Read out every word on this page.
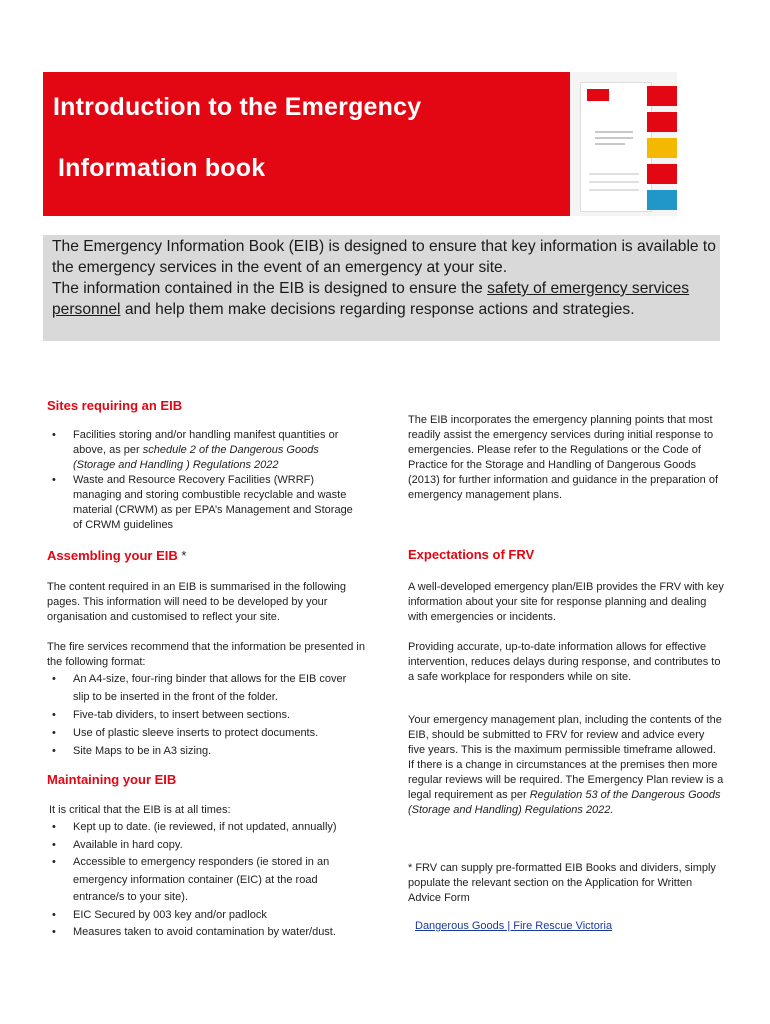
Introduction to the Emergency
Information book

The Emergency Information Book (EIB) is designed to ensure that key information is available to the emergency services in the event of an emergency at your site.
The information contained in the EIB is designed to ensure the safety of emergency services personnel and help them make decisions regarding response actions and strategies.

Sites requiring an EIB
• Facilities storing and/or handling manifest quantities or above, as per schedule 2 of the Dangerous Goods (Storage and Handling ) Regulations 2022
• Waste and Resource Recovery Facilities (WRRF) managing and storing combustible recyclable and waste material (CRWM) as per EPA’s Management and Storage of CRWM guidelines
Assembling your EIB *

The content required in an EIB is summarised in the following pages. This information will need to be developed by your organisation and customised to reflect your site.

The fire services recommend that the information be presented in the following format:

• An A4-size, four-ring binder that allows for the EIB cover slip to be inserted in the front of the folder.
• Five-tab dividers, to insert between sections.
• Use of plastic sleeve inserts to protect documents.
• Site Maps to be in A3 sizing.
Maintaining your EIB

It is critical that the EIB is at all times:

• Kept up to date. (ie reviewed, if not updated, annually)
• Available in hard copy.
• Accessible to emergency responders (ie stored in an emergency information container (EIC) at the road entrance/s to your site).
• EIC Secured by 003 key and/or padlock
• Measures taken to avoid contamination by water/dust.

The EIB incorporates the emergency planning points that most readily assist the emergency services during initial response to emergencies. Please refer to the Regulations or the Code of Practice for the Storage and Handling of Dangerous Goods (2013) for further information and guidance in the preparation of emergency management plans.

Expectations of FRV

A well-developed emergency plan/EIB provides the FRV with key information about your site for response planning and dealing with emergencies or incidents.

Providing accurate, up-to-date information allows for effective intervention, reduces delays during response, and contributes to a safe workplace for responders while on site.

Your emergency management plan, including the contents of the EIB, should be submitted to FRV for review and advice every five years. This is the maximum permissible timeframe allowed. If there is a change in circumstances at the premises then more regular reviews will be required. The Emergency Plan review is a legal requirement as per Regulation 53 of the Dangerous Goods (Storage and Handling) Regulations 2022.

* FRV can supply pre-formatted EIB Books and dividers, simply populate the relevant section on the Application for Written Advice Form

Dangerous Goods | Fire Rescue Victoria
